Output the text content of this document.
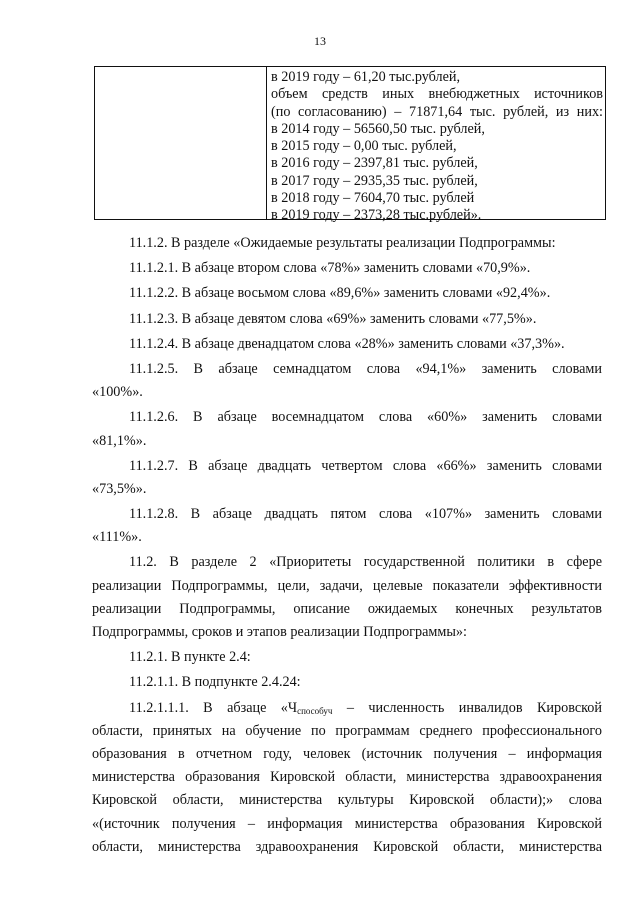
13
в 2019 году – 61,20 тыс.рублей,
объем средств иных внебюджетных источников
(по согласованию) – 71871,64 тыс. рублей, из них:
в 2014 году – 56560,50 тыс. рублей,
в 2015 году – 0,00 тыс. рублей,
в 2016 году – 2397,81 тыс. рублей,
в 2017 году – 2935,35 тыс. рублей,
в 2018 году – 7604,70 тыс. рублей
в 2019 году – 2373,28 тыс.рублей».
11.1.2. В разделе «Ожидаемые результаты реализации Подпрограммы:
11.1.2.1. В абзаце втором слова «78%» заменить словами «70,9%».
11.1.2.2. В абзаце восьмом слова «89,6%» заменить словами «92,4%».
11.1.2.3. В абзаце девятом слова «69%» заменить словами «77,5%».
11.1.2.4. В абзаце двенадцатом слова «28%» заменить словами «37,3%».
11.1.2.5. В абзаце семнадцатом слова «94,1%» заменить словами
«100%».
11.1.2.6. В абзаце восемнадцатом слова «60%» заменить словами
«81,1%».
11.1.2.7. В абзаце двадцать четвертом слова «66%» заменить словами
«73,5%».
11.1.2.8. В абзаце двадцать пятом слова «107%» заменить словами
«111%».
11.2. В разделе 2 «Приоритеты государственной политики в сфере
реализации Подпрограммы, цели, задачи, целевые показатели эффективности
реализации Подпрограммы, описание ожидаемых конечных результатов
Подпрограммы, сроков и этапов реализации Подпрограммы»:
11.2.1. В пункте 2.4:
11.2.1.1. В подпункте 2.4.24:
11.2.1.1.1. В абзаце «$Ч_{способуч}$ – численность инвалидов Кировской
области, принятых на обучение по программам среднего профессионального
образования в отчетном году, человек (источник получения – информация
министерства образования Кировской области, министерства здравоохранения
Кировской области, министерства культуры Кировской области);» слова
«(источник получения – информация министерства образования Кировской
области, министерства здравоохранения Кировской области, министерства
